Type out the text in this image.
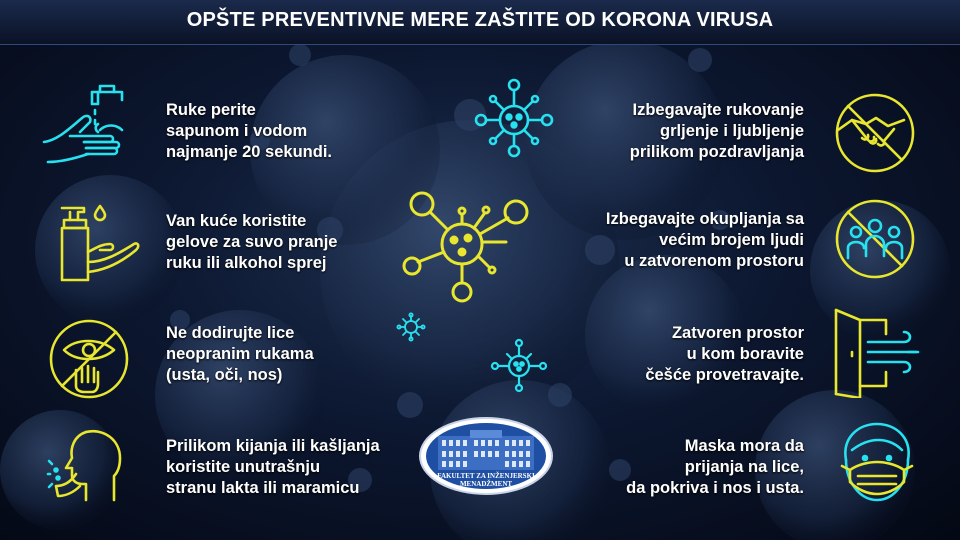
OPŠTE PREVENTIVNE MERE ZAŠTITE OD KORONA VIRUSA
Ruke perite
sapunom i vodom
najmanje 20 sekundi.
Van kuće koristite
gelove za suvo pranje
ruku ili alkohol sprej
Ne dodirujte lice
neopranim rukama
(usta, oči, nos)
Prilikom kijanja ili kašljanja
koristite unutrašnju
stranu lakta ili maramicu
Izbegavajte rukovanje
grljenje i ljubljenje
prilikom pozdravljanja
Izbegavajte okupljanja sa
većim brojem ljudi
u zatvorenom prostoru
Zatvoren prostor
u kom boravite
češće provetravajte.
Maska mora da
prijanja na lice,
da pokriva i nos i usta.
FAKULTET ZA INŽENJERSKI
MENADŽMENT
